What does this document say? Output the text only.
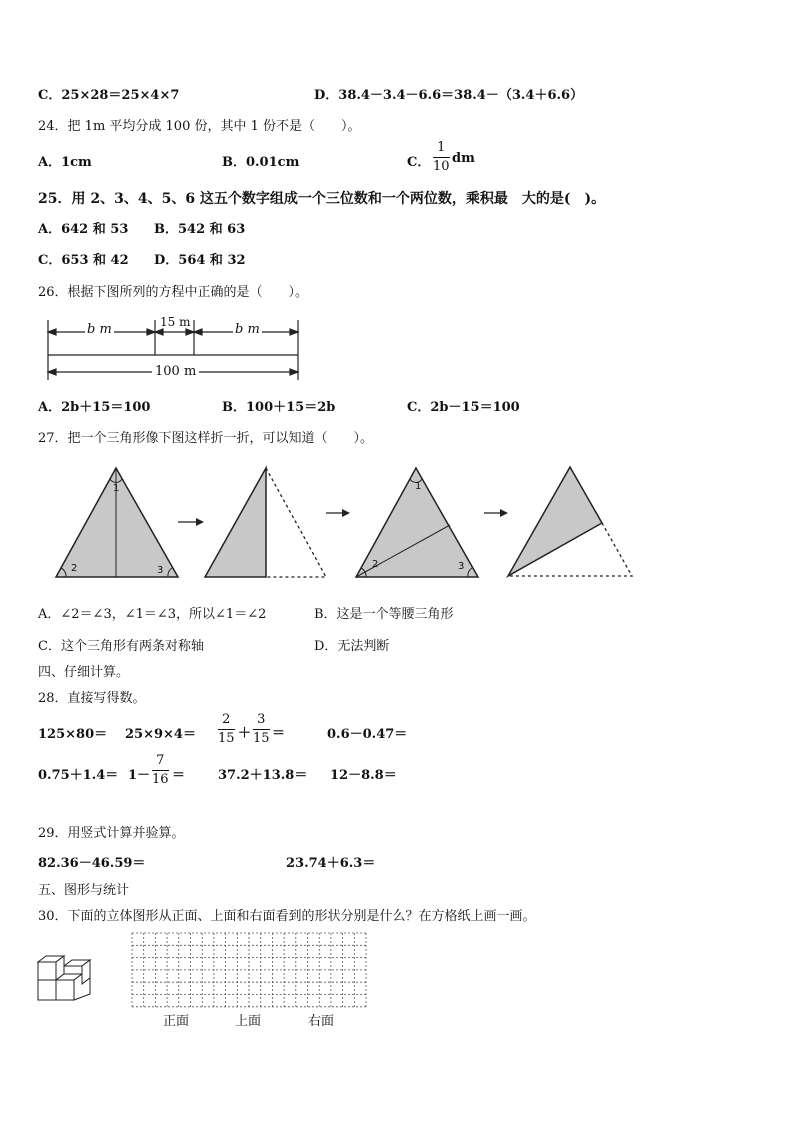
C．25×28＝25×4×7	D．38.4－3.4－6.6＝38.4－（3.4＋6.6）
24．把 1m 平均分成 100 份，其中 1 份不是（　　）。
A．1cm	B．0.01cm	C．
1
10
dm
25．用 2、3、4、5、6 这五个数字组成一个三位数和一个两位数，乘积最　大的是(　)。
A．642 和 53 B．542 和 63
C．653 和 42 D．564 和 32
26．根据下图所列的方程中正确的是（　　）。
b m	15 m	b m
100 m
A．2b＋15＝100	B．100＋15＝2b	C．2b－15＝100
27．把一个三角形像下图这样折一折，可以知道（　　）。
1
2	3
1
2	3
A．∠2＝∠3，∠1＝∠3，所以∠1＝∠2	B．这是一个等腰三角形
C．这个三角形有两条对称轴	D．无法判断
四、仔细计算。
28．直接写得数。
125×80＝ 25×9×4＝
2
15 ＋
3
15 ＝	0.6－0.47＝
0.75＋1.4＝ 1－
7
16 ＝	37.2＋13.8＝ 12－8.8＝
29．用竖式计算并验算。
82.36－46.59＝	23.74＋6.3＝
五、图形与统计
30．下面的立体图形从正面、上面和右面看到的形状分别是什么？在方格纸上画一画。
正面	上面	右面
